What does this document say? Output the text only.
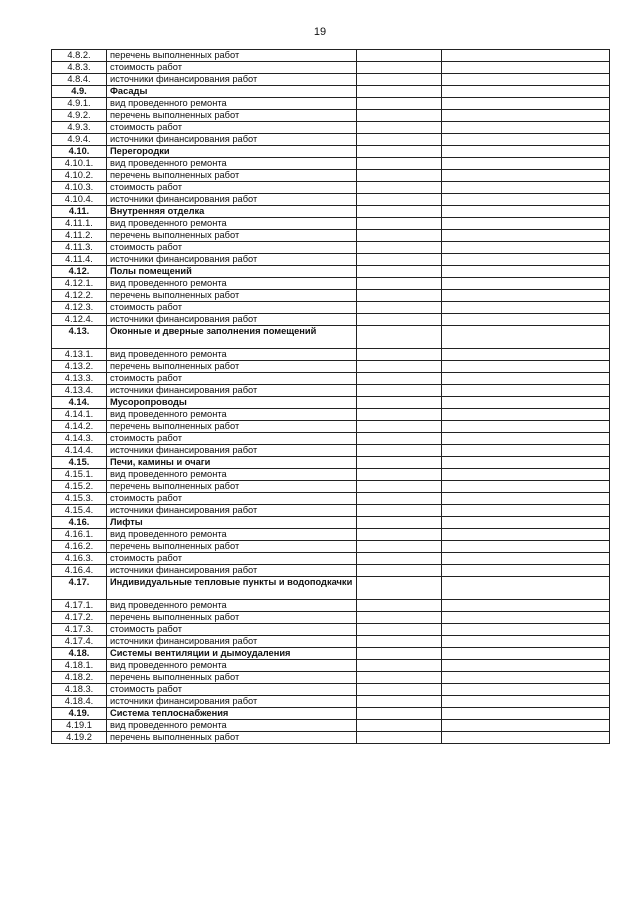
19
4.8.2.	перечень выполненных работ		
4.8.3.	стоимость работ		
4.8.4.	источники финансирования работ		
4.9.	Фасады		
4.9.1.	вид проведенного ремонта		
4.9.2.	перечень выполненных работ		
4.9.3.	стоимость работ		
4.9.4.	источники финансирования работ		
4.10.	Перегородки		
4.10.1.	вид проведенного ремонта		
4.10.2.	перечень выполненных работ		
4.10.3.	стоимость работ		
4.10.4.	источники финансирования работ		
4.11.	Внутренняя отделка		
4.11.1.	вид проведенного ремонта		
4.11.2.	перечень выполненных работ		
4.11.3.	стоимость работ		
4.11.4.	источники финансирования работ		
4.12.	Полы помещений		
4.12.1.	вид проведенного ремонта		
4.12.2.	перечень выполненных работ		
4.12.3.	стоимость работ		
4.12.4.	источники финансирования работ		
4.13.	Оконные и дверные заполнения помещений		
4.13.1.	вид проведенного ремонта		
4.13.2.	перечень выполненных работ		
4.13.3.	стоимость работ		
4.13.4.	источники финансирования работ		
4.14.	Мусоропроводы		
4.14.1.	вид проведенного ремонта		
4.14.2.	перечень выполненных работ		
4.14.3.	стоимость работ		
4.14.4.	источники финансирования работ		
4.15.	Печи, камины и очаги		
4.15.1.	вид проведенного ремонта		
4.15.2.	перечень выполненных работ		
4.15.3.	стоимость работ		
4.15.4.	источники финансирования работ		
4.16.	Лифты		
4.16.1.	вид проведенного ремонта		
4.16.2.	перечень выполненных работ		
4.16.3.	стоимость работ		
4.16.4.	источники финансирования работ		
4.17.	Индивидуальные тепловые пункты и водоподкачки		
4.17.1.	вид проведенного ремонта		
4.17.2.	перечень выполненных работ		
4.17.3.	стоимость работ		
4.17.4.	источники финансирования работ		
4.18.	Системы вентиляции и дымоудаления		
4.18.1.	вид проведенного ремонта		
4.18.2.	перечень выполненных работ		
4.18.3.	стоимость работ		
4.18.4.	источники финансирования работ		
4.19.	Система теплоснабжения		
4.19.1	вид проведенного ремонта		
4.19.2	перечень выполненных работ		
